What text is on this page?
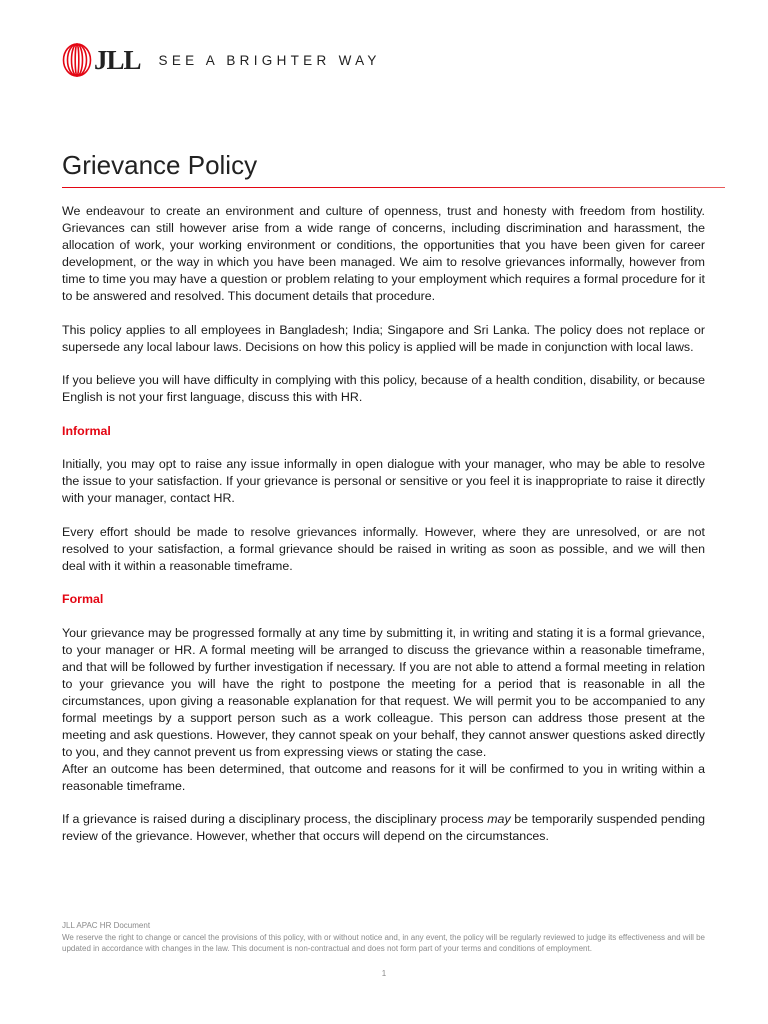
JLL SEE A BRIGHTER WAY
Grievance Policy

We endeavour to create an environment and culture of openness, trust and honesty with freedom from hostility. Grievances can still however arise from a wide range of concerns, including discrimination and harassment, the allocation of work, your working environment or conditions, the opportunities that you have been given for career development, or the way in which you have been managed. We aim to resolve grievances informally, however from time to time you may have a question or problem relating to your employment which requires a formal procedure for it to be answered and resolved. This document details that procedure.

This policy applies to all employees in Bangladesh; India; Singapore and Sri Lanka. The policy does not replace or supersede any local labour laws. Decisions on how this policy is applied will be made in conjunction with local laws.

If you believe you will have difficulty in complying with this policy, because of a health condition, disability, or because English is not your first language, discuss this with HR.

Informal

Initially, you may opt to raise any issue informally in open dialogue with your manager, who may be able to resolve the issue to your satisfaction. If your grievance is personal or sensitive or you feel it is inappropriate to raise it directly with your manager, contact HR.

Every effort should be made to resolve grievances informally. However, where they are unresolved, or are not resolved to your satisfaction, a formal grievance should be raised in writing as soon as possible, and we will then deal with it within a reasonable timeframe.

Formal

Your grievance may be progressed formally at any time by submitting it, in writing and stating it is a formal grievance, to your manager or HR. A formal meeting will be arranged to discuss the grievance within a reasonable timeframe, and that will be followed by further investigation if necessary. If you are not able to attend a formal meeting in relation to your grievance you will have the right to postpone the meeting for a period that is reasonable in all the circumstances, upon giving a reasonable explanation for that request. We will permit you to be accompanied to any formal meetings by a support person such as a work colleague. This person can address those present at the meeting and ask questions. However, they cannot speak on your behalf, they cannot answer questions asked directly to you, and they cannot prevent us from expressing views or stating the case.

After an outcome has been determined, that outcome and reasons for it will be confirmed to you in writing within a reasonable timeframe.

If a grievance is raised during a disciplinary process, the disciplinary process may be temporarily suspended pending review of the grievance. However, whether that occurs will depend on the circumstances.

JLL APAC HR Document

We reserve the right to change or cancel the provisions of this policy, with or without notice and, in any event, the policy will be regularly reviewed to judge its effectiveness and will be updated in accordance with changes in the law. This document is non-contractual and does not form part of your terms and conditions of employment.

1
